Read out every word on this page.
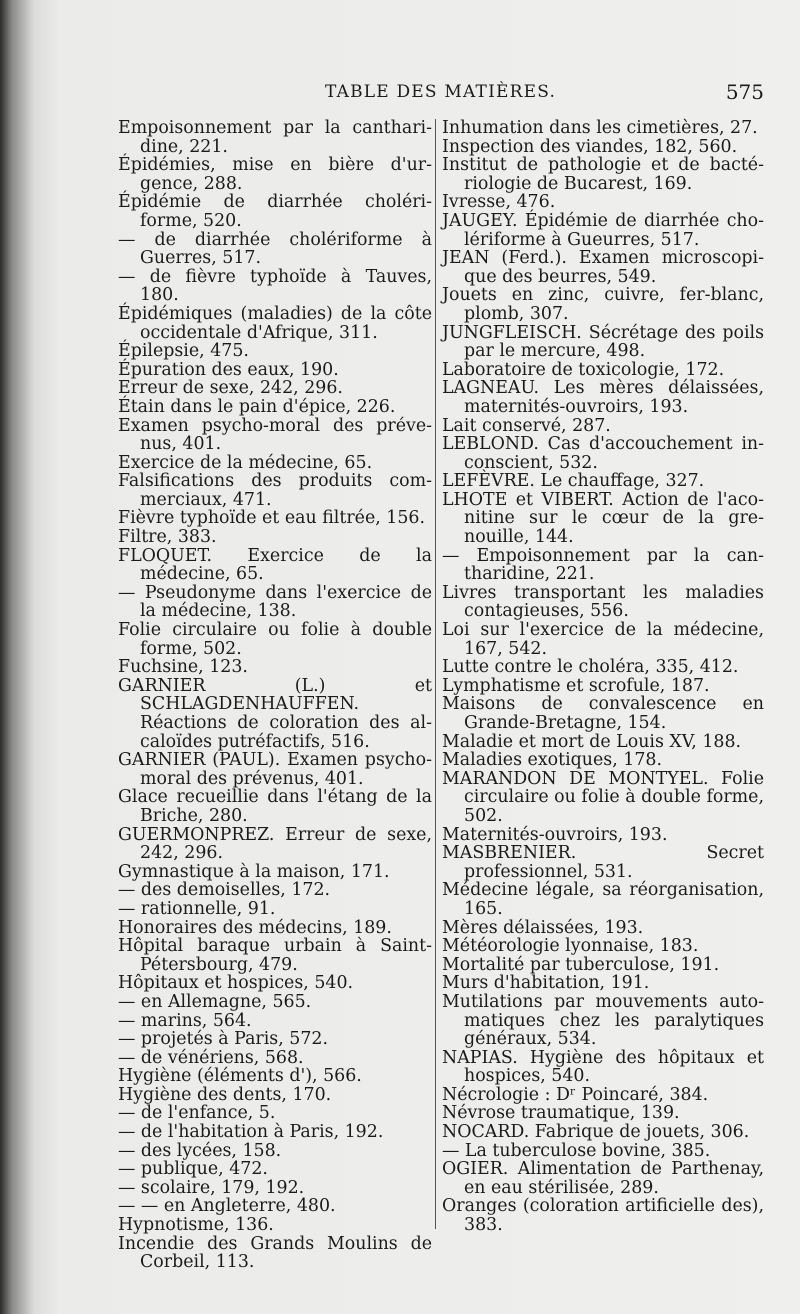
TABLE DES MATIÈRES.	575

Empoisonnement par la cantharidine, 221.

Épidémies, mise en bière d'urgence, 288.

Épidémie de diarrhée cholériforme, 520.

— de diarrhée cholériforme à Guerres, 517.

— de fièvre typhoïde à Tauves, 180.

Épidémiques (maladies) de la côte occidentale d'Afrique, 311.

Épilepsie, 475.

Épuration des eaux, 190.

Erreur de sexe, 242, 296.

Étain dans le pain d'épice, 226.

Examen psycho-moral des prévenus, 401.

Exercice de la médecine, 65.

Falsifications des produits commerciaux, 471.

Fièvre typhoïde et eau filtrée, 156.

Filtre, 383.

FLOQUET. Exercice de la médecine, 65.

— Pseudonyme dans l'exercice de la médecine, 138.

Folie circulaire ou folie à double forme, 502.

Fuchsine, 123.

GARNIER (L.) et SCHLAGDENHAUFFEN. Réactions de coloration des alcaloïdes putréfactifs, 516.

GARNIER (PAUL). Examen psychomoral des prévenus, 401.

Glace recueillie dans l'étang de la Briche, 280.

GUERMONPREZ. Erreur de sexe, 242, 296.

Gymnastique à la maison, 171.

— des demoiselles, 172.

— rationnelle, 91.

Honoraires des médecins, 189.

Hôpital baraque urbain à Saint-Pétersbourg, 479.

Hôpitaux et hospices, 540.

— en Allemagne, 565.

— marins, 564.

— projetés à Paris, 572.

— de vénériens, 568.

Hygiène (éléments d'), 566.

Hygiène des dents, 170.

— de l'enfance, 5.

— de l'habitation à Paris, 192.

— des lycées, 158.

— publique, 472.

— scolaire, 179, 192.

— — en Angleterre, 480.

Hypnotisme, 136.

Incendie des Grands Moulins de Corbeil, 113.

Inhumation dans les cimetières, 27.

Inspection des viandes, 182, 560.

Institut de pathologie et de bactériologie de Bucarest, 169.

Ivresse, 476.

JAUGEY. Épidémie de diarrhée cholériforme à Gueurres, 517.

JEAN (Ferd.). Examen microscopique des beurres, 549.

Jouets en zinc, cuivre, fer-blanc, plomb, 307.

JUNGFLEISCH. Sécrétage des poils par le mercure, 498.

Laboratoire de toxicologie, 172.

LAGNEAU. Les mères délaissées, maternités-ouvroirs, 193.

Lait conservé, 287.

LEBLOND. Cas d'accouchement inconscient, 532.

LEFÈVRE. Le chauffage, 327.

LHOTE et VIBERT. Action de l'aconitine sur le cœur de la grenouille, 144.

— Empoisonnement par la cantharidine, 221.

Livres transportant les maladies contagieuses, 556.

Loi sur l'exercice de la médecine, 167, 542.

Lutte contre le choléra, 335, 412.

Lymphatisme et scrofule, 187.

Maisons de convalescence en Grande-Bretagne, 154.

Maladie et mort de Louis XV, 188.

Maladies exotiques, 178.

MARANDON DE MONTYEL. Folie circulaire ou folie à double forme, 502.

Maternités-ouvroirs, 193.

MASBRENIER. Secret professionnel, 531.

Médecine légale, sa réorganisation, 165.

Mères délaissées, 193.

Météorologie lyonnaise, 183.

Mortalité par tuberculose, 191.

Murs d'habitation, 191.

Mutilations par mouvements automatiques chez les paralytiques généraux, 534.

NAPIAS. Hygiène des hôpitaux et hospices, 540.

Nécrologie : Dʳ Poincaré, 384.

Névrose traumatique, 139.

NOCARD. Fabrique de jouets, 306.

— La tuberculose bovine, 385.

OGIER. Alimentation de Parthenay, en eau stérilisée, 289.

Oranges (coloration artificielle des), 383.
